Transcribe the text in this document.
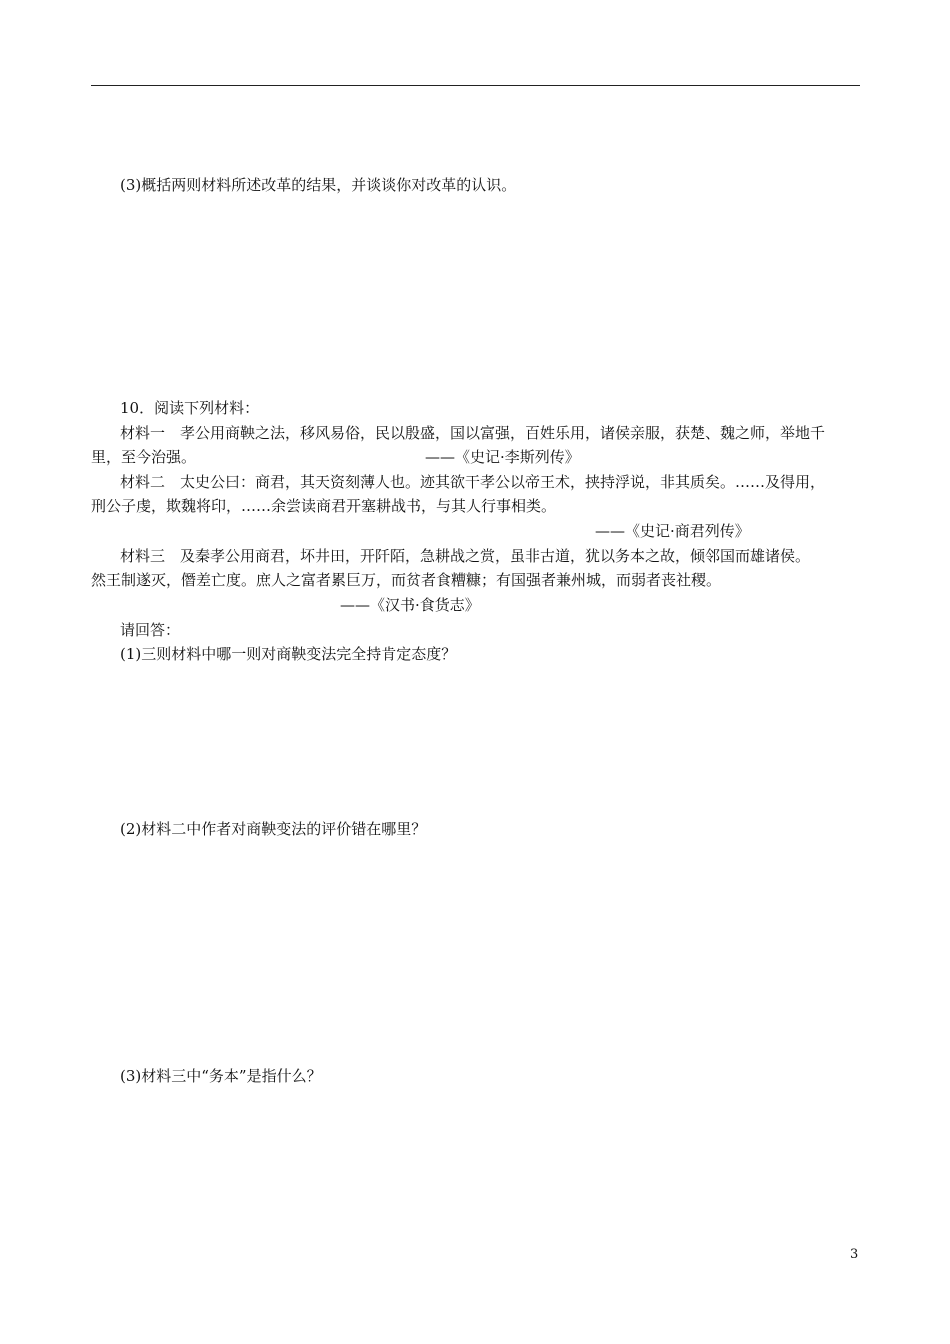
(3)概括两则材料所述改革的结果，并谈谈你对改革的认识。
10．阅读下列材料：
材料一　孝公用商鞅之法，移风易俗，民以殷盛，国以富强，百姓乐用，诸侯亲服，获楚、魏之师，举地千
里，至今治强。	——《史记·李斯列传》
材料二　太史公曰：商君，其天资刻薄人也。迹其欲干孝公以帝王术，挟持浮说，非其质矣。……及得用，
刑公子虔，欺魏将印，……余尝读商君开塞耕战书，与其人行事相类。
——《史记·商君列传》
材料三　及秦孝公用商君，坏井田，开阡陌，急耕战之赏，虽非古道，犹以务本之故，倾邻国而雄诸侯。
然王制遂灭，僭差亡度。庶人之富者累巨万，而贫者食糟糠；有国强者兼州城，而弱者丧社稷。
——《汉书·食货志》
请回答：
(1)三则材料中哪一则对商鞅变法完全持肯定态度？
(2)材料二中作者对商鞅变法的评价错在哪里？
(3)材料三中“务本”是指什么？
3
